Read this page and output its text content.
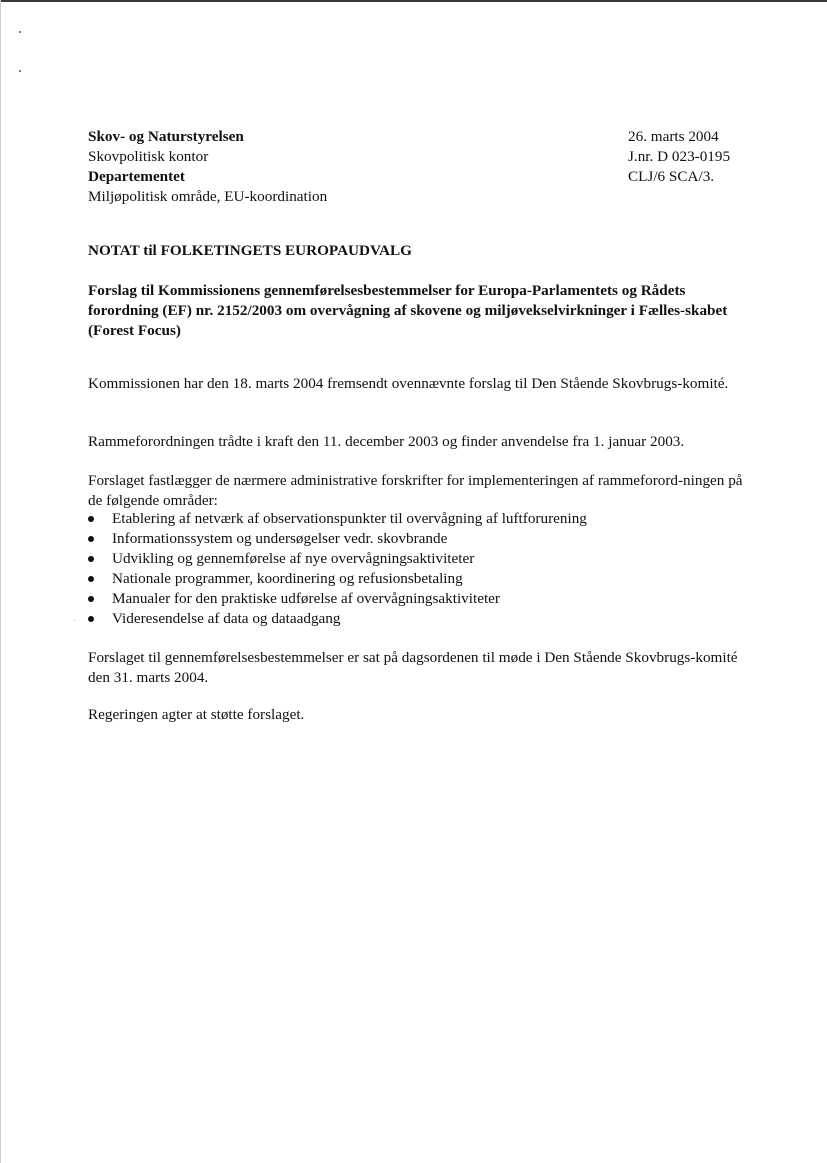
Skov- og Naturstyrelsen
Skovpolitisk kontor
Departementet
Miljøpolitisk område, EU-koordination
26. marts 2004
J.nr. D 023-0195
CLJ/6 SCA/3.
NOTAT til FOLKETINGETS EUROPAUDVALG
Forslag til Kommissionens gennemførelsesbestemmelser for Europa-Parlamentets og Rådets forordning (EF) nr. 2152/2003 om overvågning af skovene og miljøvekselvirkninger i Fælles-skabet (Forest Focus)
Kommissionen har den 18. marts 2004 fremsendt ovennævnte forslag til Den Stående Skovbrugs-komité.
Rammeforordningen trådte i kraft den 11. december 2003 og finder anvendelse fra 1. januar 2003.
Forslaget fastlægger de nærmere administrative forskrifter for implementeringen af rammeforord-ningen på de følgende områder:
Etablering af netværk af observationspunkter til overvågning af luftforurening
Informationssystem og undersøgelser vedr. skovbrande
Udvikling og gennemførelse af nye overvågningsaktiviteter
Nationale programmer, koordinering og refusionsbetaling
Manualer for den praktiske udførelse af overvågningsaktiviteter
Videresendelse af data og dataadgang
Forslaget til gennemførelsesbestemmelser er sat på dagsordenen til møde i Den Stående Skovbrugs-komité den 31. marts 2004.
Regeringen agter at støtte forslaget.
